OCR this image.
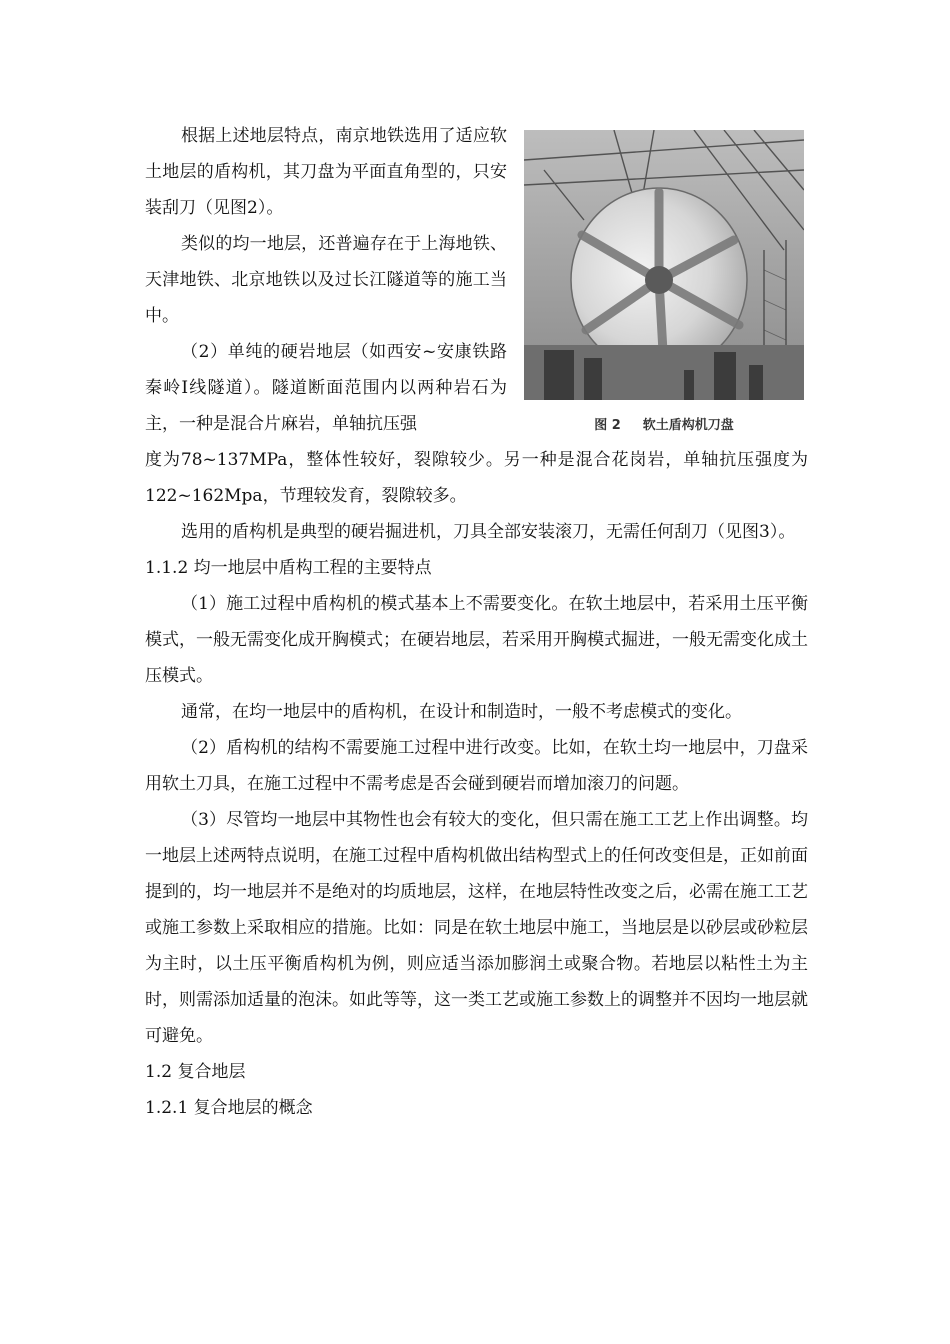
图 2 软土盾构机刀盘

根据上述地层特点，南京地铁选用了适应软土地层的盾构机，其刀盘为平面直角型的，只安装刮刀（见图2）。

类似的均一地层，还普遍存在于上海地铁、天津地铁、北京地铁以及过长江隧道等的施工当中。

（2）单纯的硬岩地层（如西安~安康铁路秦岭Ⅰ线隧道）。隧道断面范围内以两种岩石为主，一种是混合片麻岩，单轴抗压强

度为78~137MPa，整体性较好，裂隙较少。另一种是混合花岗岩，单轴抗压强度为122~162Mpa，节理较发育，裂隙较多。

选用的盾构机是典型的硬岩掘进机，刀具全部安装滚刀，无需任何刮刀（见图3）。

1.1.2 均一地层中盾构工程的主要特点

（1）施工过程中盾构机的模式基本上不需要变化。在软土地层中，若采用土压平衡模式，一般无需变化成开胸模式；在硬岩地层，若采用开胸模式掘进，一般无需变化成土压模式。

通常，在均一地层中的盾构机，在设计和制造时，一般不考虑模式的变化。

（2）盾构机的结构不需要施工过程中进行改变。比如，在软土均一地层中，刀盘采用软土刀具，在施工过程中不需考虑是否会碰到硬岩而增加滚刀的问题。

（3）尽管均一地层中其物性也会有较大的变化，但只需在施工工艺上作出调整。均一地层上述两特点说明，在施工过程中盾构机做出结构型式上的任何改变但是，正如前面提到的，均一地层并不是绝对的均质地层，这样，在地层特性改变之后，必需在施工工艺或施工参数上采取相应的措施。比如：同是在软土地层中施工，当地层是以砂层或砂粒层为主时，以土压平衡盾构机为例，则应适当添加膨润土或聚合物。若地层以粘性土为主时，则需添加适量的泡沫。如此等等，这一类工艺或施工参数上的调整并不因均一地层就可避免。

1.2 复合地层

1.2.1 复合地层的概念
